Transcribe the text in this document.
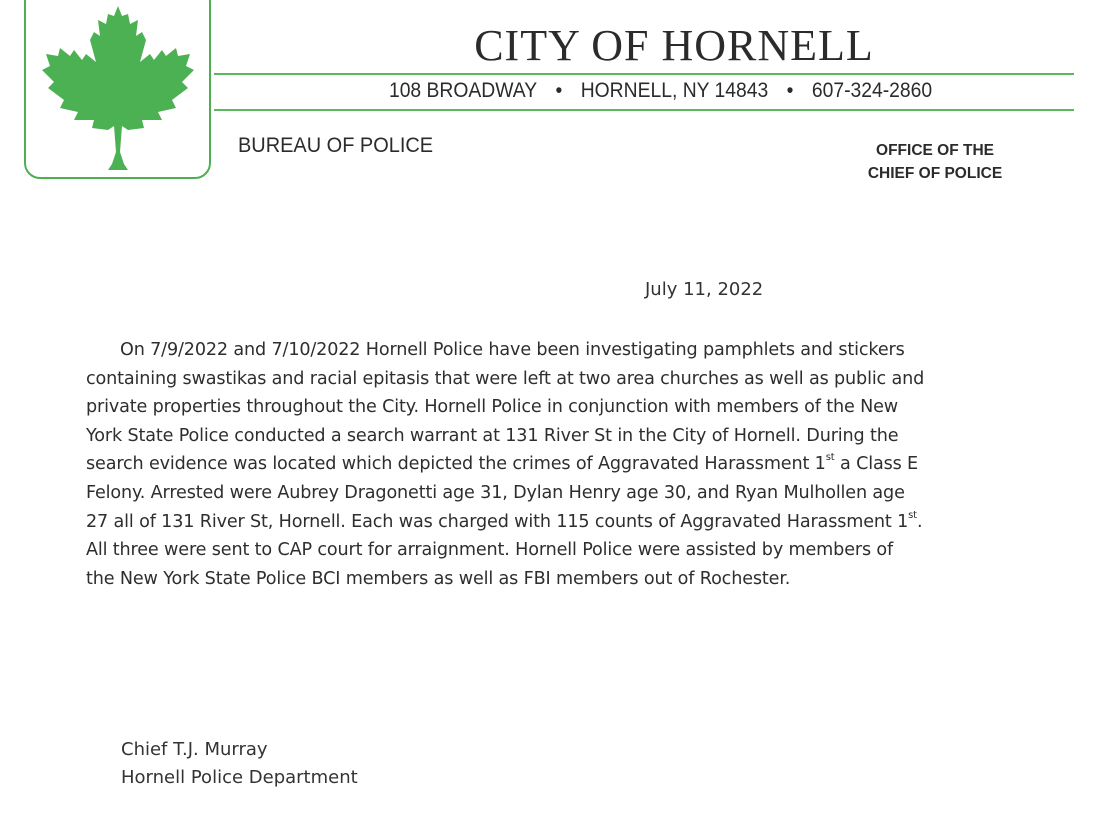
CITY OF HORNELL
108 BROADWAY • HORNELL, NY 14843 • 607-324-2860
BUREAU OF POLICE	OFFICE OF THE
CHIEF OF POLICE
July 11, 2022
On 7/9/2022 and 7/10/2022 Hornell Police have been investigating pamphlets and stickers
containing swastikas and racial epitasis that were left at two area churches as well as public and
private properties throughout the City. Hornell Police in conjunction with members of the New
York State Police conducted a search warrant at 131 River St in the City of Hornell. During the
search evidence was located which depicted the crimes of Aggravated Harassment 1st a Class E
Felony. Arrested were Aubrey Dragonetti age 31, Dylan Henry age 30, and Ryan Mulhollen age
27 all of 131 River St, Hornell. Each was charged with 115 counts of Aggravated Harassment 1st.
All three were sent to CAP court for arraignment. Hornell Police were assisted by members of
the New York State Police BCI members as well as FBI members out of Rochester.
Chief T.J. Murray
Hornell Police Department
